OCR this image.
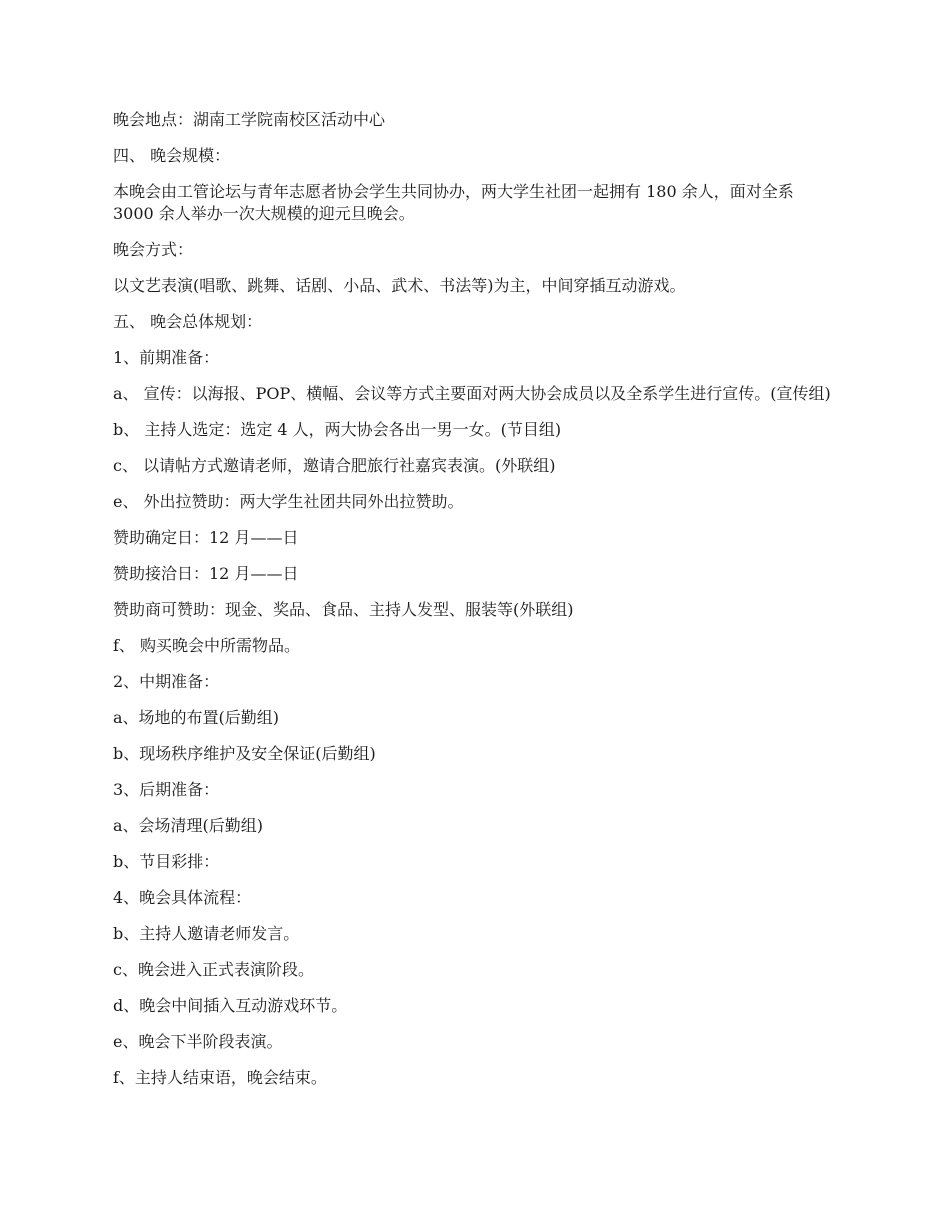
晚会地点：湖南工学院南校区活动中心

四、 晚会规模：

本晚会由工管论坛与青年志愿者协会学生共同协办，两大学生社团一起拥有 180 余人，面对全系 3000 余人举办一次大规模的迎元旦晚会。

晚会方式：

以文艺表演(唱歌、跳舞、话剧、小品、武术、书法等)为主，中间穿插互动游戏。

五、 晚会总体规划：

1、前期准备：

a、 宣传：以海报、POP、横幅、会议等方式主要面对两大协会成员以及全系学生进行宣传。(宣传组)

b、 主持人选定：选定 4 人，两大协会各出一男一女。(节目组)

c、 以请帖方式邀请老师，邀请合肥旅行社嘉宾表演。(外联组)

e、 外出拉赞助：两大学生社团共同外出拉赞助。

赞助确定日：12 月——日

赞助接洽日：12 月——日

赞助商可赞助：现金、奖品、食品、主持人发型、服装等(外联组)

f、 购买晚会中所需物品。

2、中期准备：

a、场地的布置(后勤组)

b、现场秩序维护及安全保证(后勤组)

3、后期准备：

a、会场清理(后勤组)

b、节目彩排：

4、晚会具体流程：

b、主持人邀请老师发言。

c、晚会进入正式表演阶段。

d、晚会中间插入互动游戏环节。

e、晚会下半阶段表演。

f、主持人结束语，晚会结束。
